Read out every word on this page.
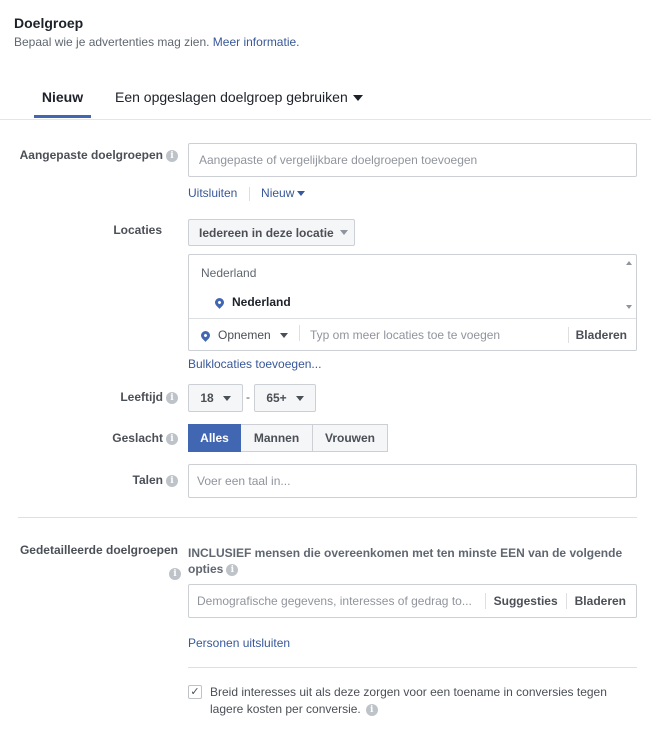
Doelgroep
Bepaal wie je advertenties mag zien. Meer informatie.
Nieuw	Een opgeslagen doelgroep gebruiken
Aangepaste doelgroepen i	Aangepaste of vergelijkbare doelgroepen toevoegen
Uitsluiten Nieuw
Locaties	Iedereen in deze locatie
Nederland
Nederland
Opnemen	Typ om meer locaties toe te voegen	Bladeren
Bulklocaties toevoegen...
Leeftijd i	18	- 65+
Geslacht i	Alles	Mannen	Vrouwen
Talen i	Voer een taal in...
Gedetailleerde doelgroepen
i
INCLUSIEF mensen die overeenkomen met ten minste EEN van de volgende opties i
Demografische gegevens, interesses of gedrag to...	Suggesties Bladeren
Personen uitsluiten
✓ Breid interesses uit als deze zorgen voor een toename in conversies tegen lagere kosten per conversie. i
